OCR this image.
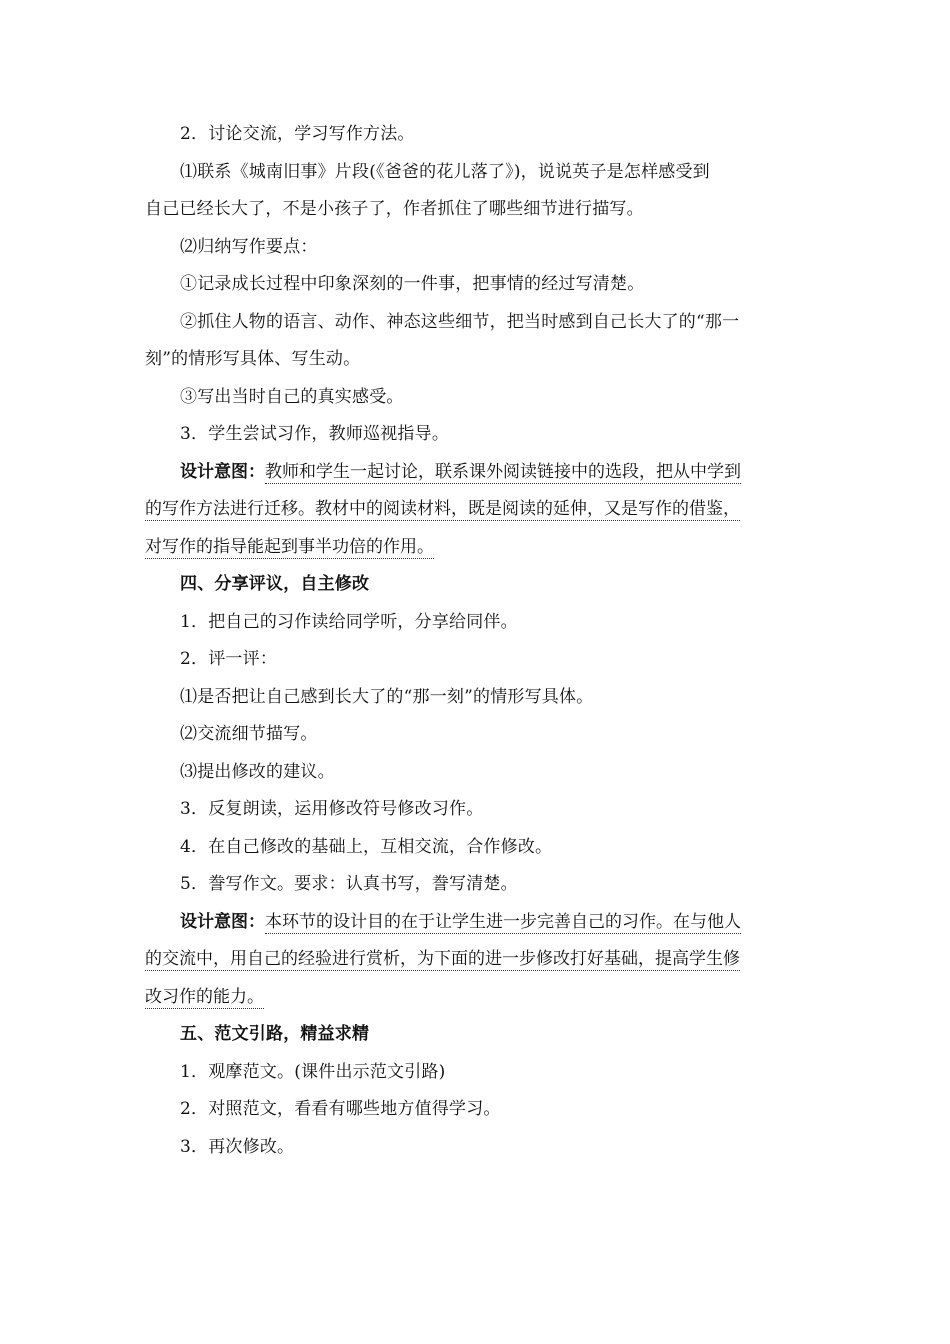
2．讨论交流，学习写作方法。

⑴联系《城南旧事》片段(《爸爸的花儿落了》)，说说英子是怎样感受到

自己已经长大了，不是小孩子了，作者抓住了哪些细节进行描写。

⑵归纳写作要点：

①记录成长过程中印象深刻的一件事，把事情的经过写清楚。

②抓住人物的语言、动作、神态这些细节，把当时感到自己长大了的“那一

刻”的情形写具体、写生动。

③写出当时自己的真实感受。

3．学生尝试习作，教师巡视指导。

设计意图：教师和学生一起讨论，联系课外阅读链接中的选段，把从中学到
的写作方法进行迁移。教材中的阅读材料，既是阅读的延伸，又是写作的借鉴，
对写作的指导能起到事半功倍的作用。

四、分享评议，自主修改

1．把自己的习作读给同学听，分享给同伴。

2．评一评：

⑴是否把让自己感到长大了的“那一刻”的情形写具体。

⑵交流细节描写。

⑶提出修改的建议。

3．反复朗读，运用修改符号修改习作。

4．在自己修改的基础上，互相交流，合作修改。

5．誊写作文。要求：认真书写，誊写清楚。

设计意图：本环节的设计目的在于让学生进一步完善自己的习作。在与他人
的交流中，用自己的经验进行赏析，为下面的进一步修改打好基础，提高学生修
改习作的能力。

五、范文引路，精益求精

1．观摩范文。(课件出示范文引路)

2．对照范文，看看有哪些地方值得学习。

3．再次修改。
